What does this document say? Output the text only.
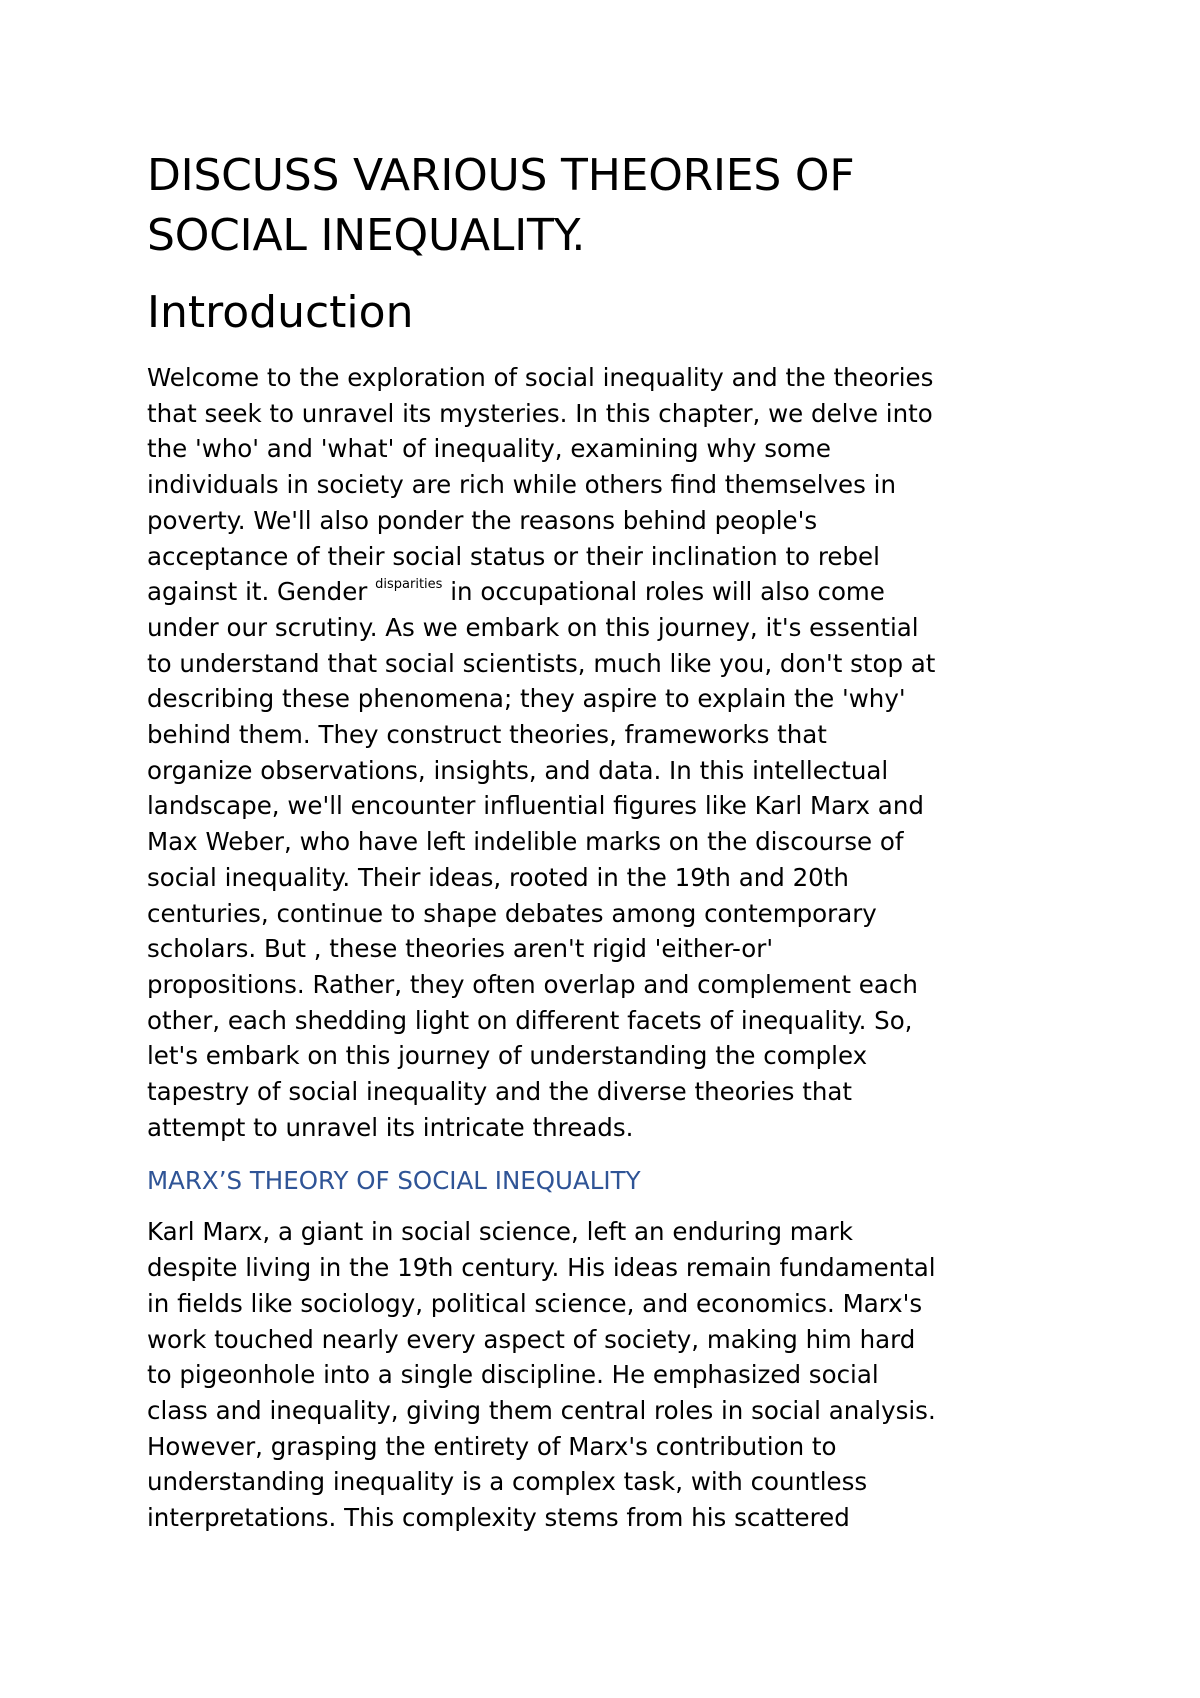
DISCUSS VARIOUS THEORIES OF
SOCIAL INEQUALITY.
Introduction

Welcome to the exploration of social inequality and the theories
that seek to unravel its mysteries. In this chapter, we delve into
the 'who' and 'what' of inequality, examining why some
individuals in society are rich while others find themselves in
poverty. We'll also ponder the reasons behind people's
acceptance of their social status or their inclination to rebel
against it. Gender $^{disparities}$ in occupational roles will also come
under our scrutiny. As we embark on this journey, it's essential
to understand that social scientists, much like you, don't stop at
describing these phenomena; they aspire to explain the 'why'
behind them. They construct theories, frameworks that
organize observations, insights, and data. In this intellectual
landscape, we'll encounter influential figures like Karl Marx and
Max Weber, who have left indelible marks on the discourse of
social inequality. Their ideas, rooted in the 19th and 20th
centuries, continue to shape debates among contemporary
scholars. But , these theories aren't rigid 'either-or'
propositions. Rather, they often overlap and complement each
other, each shedding light on different facets of inequality. So,
let's embark on this journey of understanding the complex
tapestry of social inequality and the diverse theories that
attempt to unravel its intricate threads.

MARX’S THEORY OF SOCIAL INEQUALITY

Karl Marx, a giant in social science, left an enduring mark
despite living in the 19th century. His ideas remain fundamental
in fields like sociology, political science, and economics. Marx's
work touched nearly every aspect of society, making him hard
to pigeonhole into a single discipline. He emphasized social
class and inequality, giving them central roles in social analysis.
However, grasping the entirety of Marx's contribution to
understanding inequality is a complex task, with countless
interpretations. This complexity stems from his scattered
